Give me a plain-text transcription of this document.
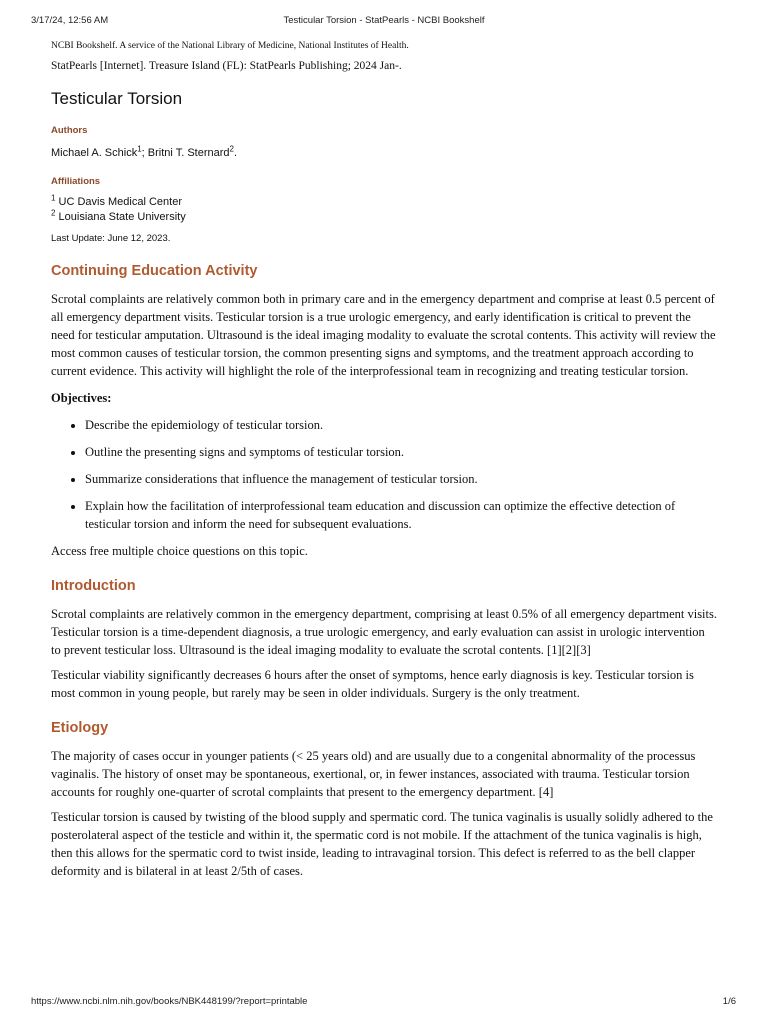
3/17/24, 12:56 AM	Testicular Torsion - StatPearls - NCBI Bookshelf

NCBI Bookshelf. A service of the National Library of Medicine, National Institutes of Health.

StatPearls [Internet]. Treasure Island (FL): StatPearls Publishing; 2024 Jan-.

Testicular Torsion
Authors
Michael A. Schick$^1$; Britni T. Sternard$^2$.
Affiliations
$^1$ UC Davis Medical Center
$^2$ Louisiana State University

Last Update: June 12, 2023.

Continuing Education Activity

Scrotal complaints are relatively common both in primary care and in the emergency department and comprise at least 0.5 percent of all emergency department visits. Testicular torsion is a true urologic emergency, and early identification is critical to prevent the need for testicular amputation. Ultrasound is the ideal imaging modality to evaluate the scrotal contents. This activity will review the most common causes of testicular torsion, the common presenting signs and symptoms, and the treatment approach according to current evidence. This activity will highlight the role of the interprofessional team in recognizing and treating testicular torsion.

Objectives:

• Describe the epidemiology of testicular torsion.
• Outline the presenting signs and symptoms of testicular torsion.
• Summarize considerations that influence the management of testicular torsion.
• Explain how the facilitation of interprofessional team education and discussion can optimize the effective detection of testicular torsion and inform the need for subsequent evaluations.

Access free multiple choice questions on this topic.

Introduction

Scrotal complaints are relatively common in the emergency department, comprising at least 0.5% of all emergency department visits. Testicular torsion is a time-dependent diagnosis, a true urologic emergency, and early evaluation can assist in urologic intervention to prevent testicular loss. Ultrasound is the ideal imaging modality to evaluate the scrotal contents. [1][2][3]

Testicular viability significantly decreases 6 hours after the onset of symptoms, hence early diagnosis is key. Testicular torsion is most common in young people, but rarely may be seen in older individuals. Surgery is the only treatment.

Etiology

The majority of cases occur in younger patients (< 25 years old) and are usually due to a congenital abnormality of the processus vaginalis. The history of onset may be spontaneous, exertional, or, in fewer instances, associated with trauma. Testicular torsion accounts for roughly one-quarter of scrotal complaints that present to the emergency department. [4]

Testicular torsion is caused by twisting of the blood supply and spermatic cord. The tunica vaginalis is usually solidly adhered to the posterolateral aspect of the testicle and within it, the spermatic cord is not mobile. If the attachment of the tunica vaginalis is high, then this allows for the spermatic cord to twist inside, leading to intravaginal torsion. This defect is referred to as the bell clapper deformity and is bilateral in at least 2/5th of cases.

https://www.ncbi.nlm.nih.gov/books/NBK448199/?report=printable	1/6
